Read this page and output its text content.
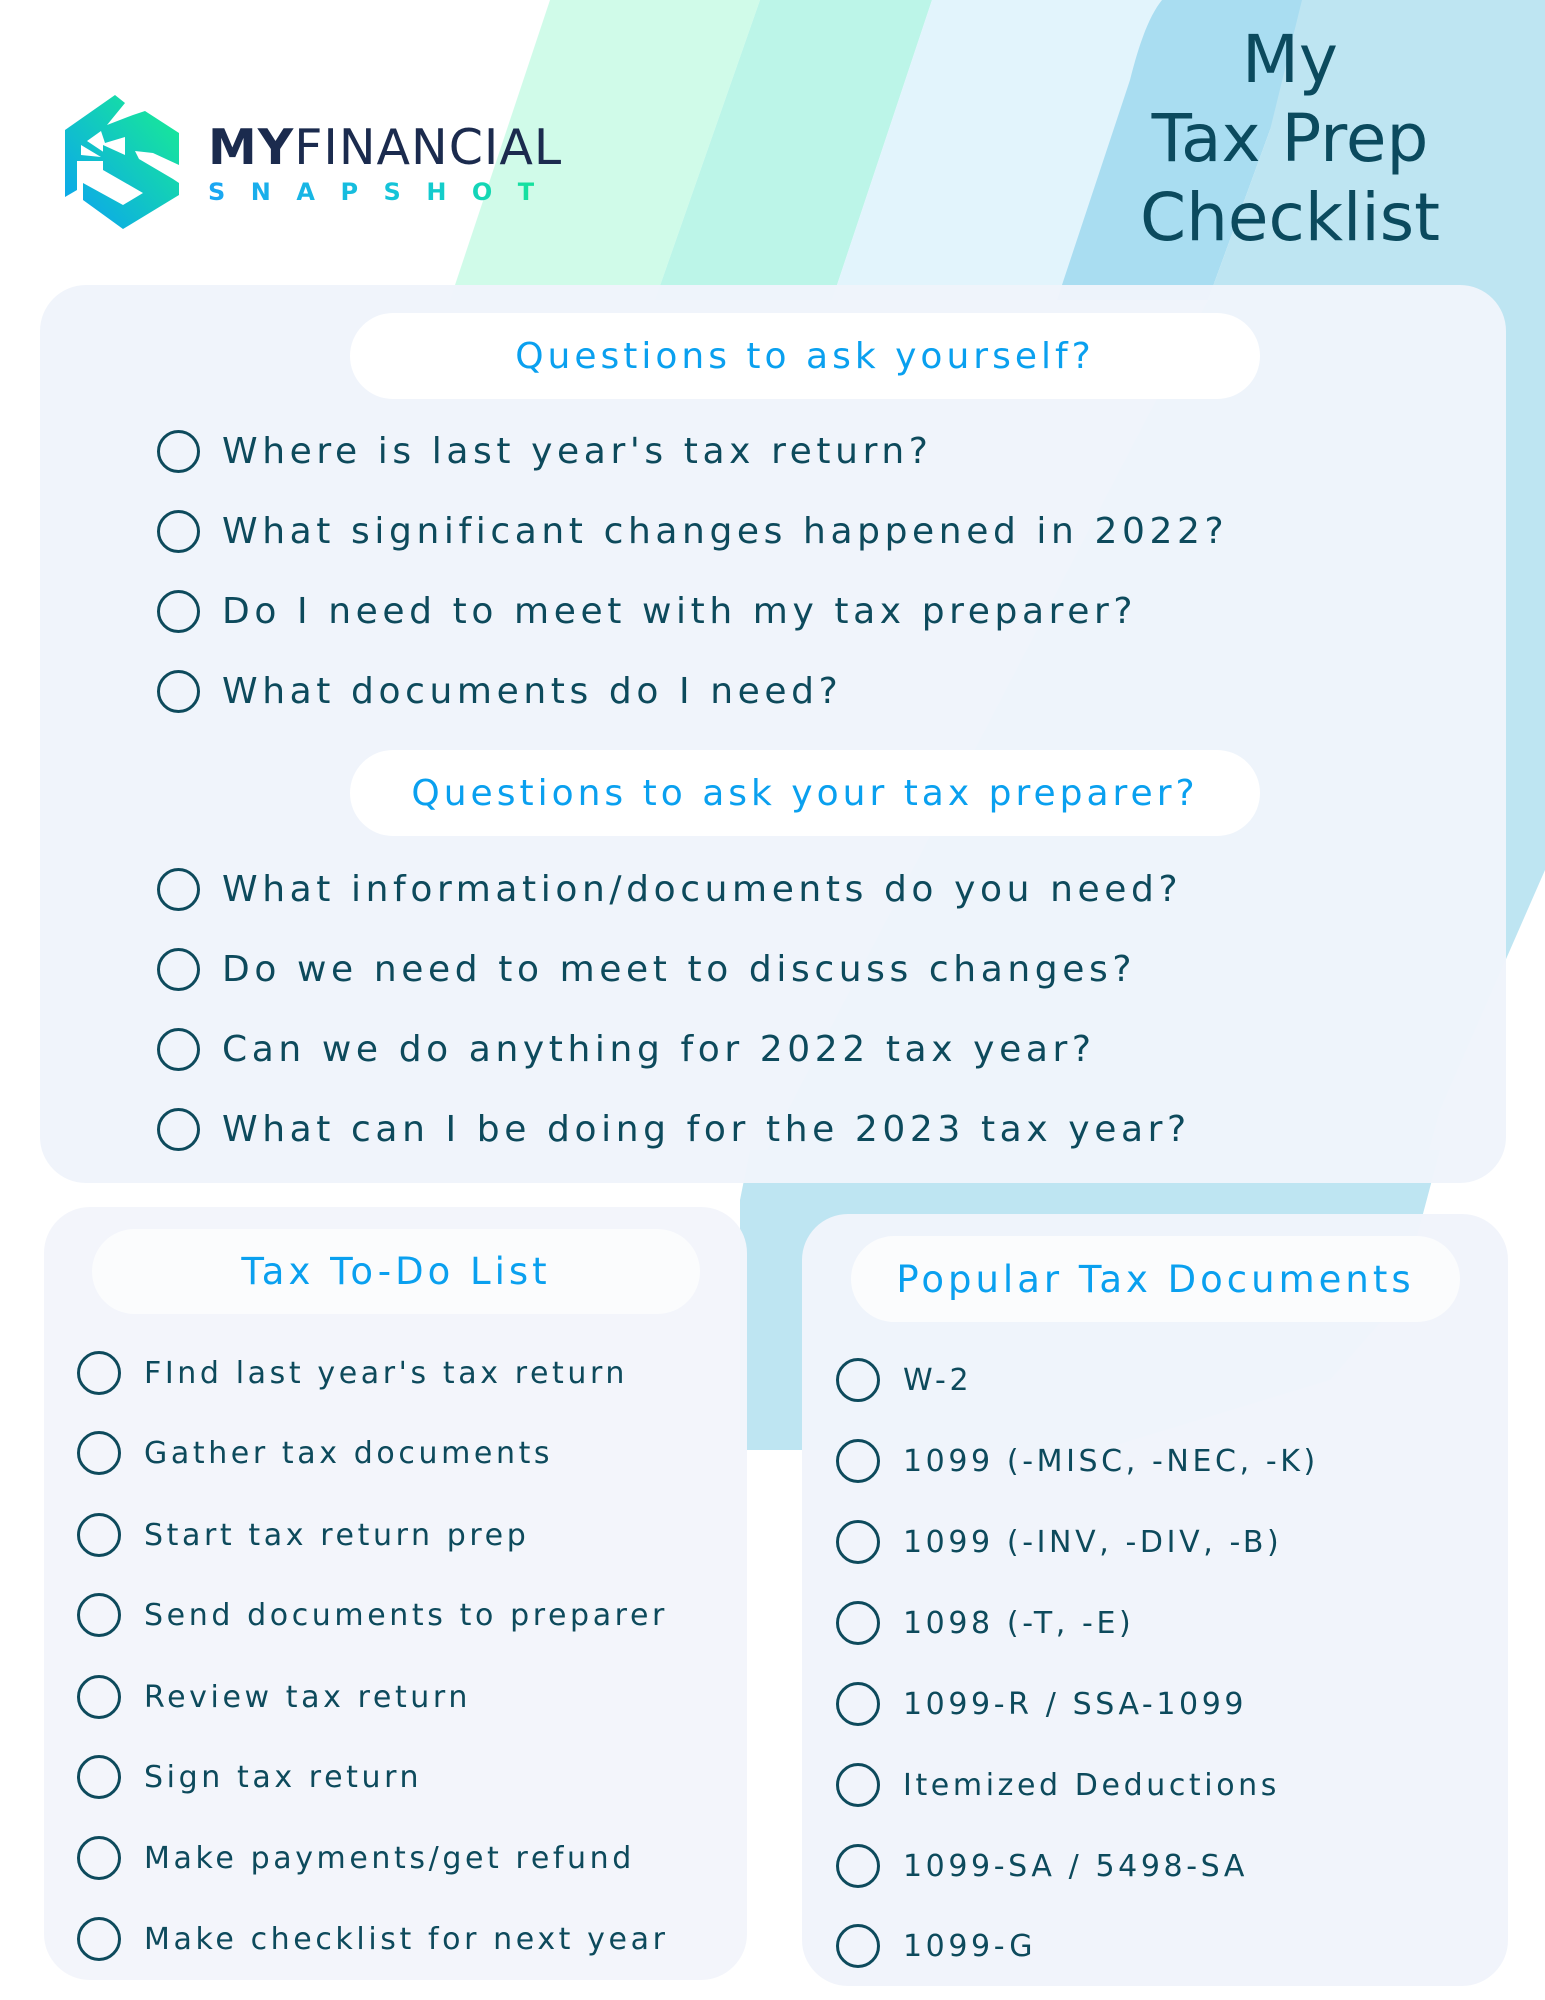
MYFINANCIAL
SNAPSHOT
My
Tax Prep
Checklist
Questions to ask yourself?
Where is last year's tax return?
What significant changes happened in 2022?
Do I need to meet with my tax preparer?
What documents do I need?
Questions to ask your tax preparer?
What information/documents do you need?
Do we need to meet to discuss changes?
Can we do anything for 2022 tax year?
What can I be doing for the 2023 tax year?
Tax To-Do List
FInd last year's tax return
Gather tax documents
Start tax return prep
Send documents to preparer
Review tax return
Sign tax return
Make payments/get refund
Make checklist for next year
Popular Tax Documents
W-2
1099 (-MISC, -NEC, -K)
1099 (-INV, -DIV, -B)
1098 (-T, -E)
1099-R / SSA-1099
Itemized Deductions
1099-SA / 5498-SA
1099-G
